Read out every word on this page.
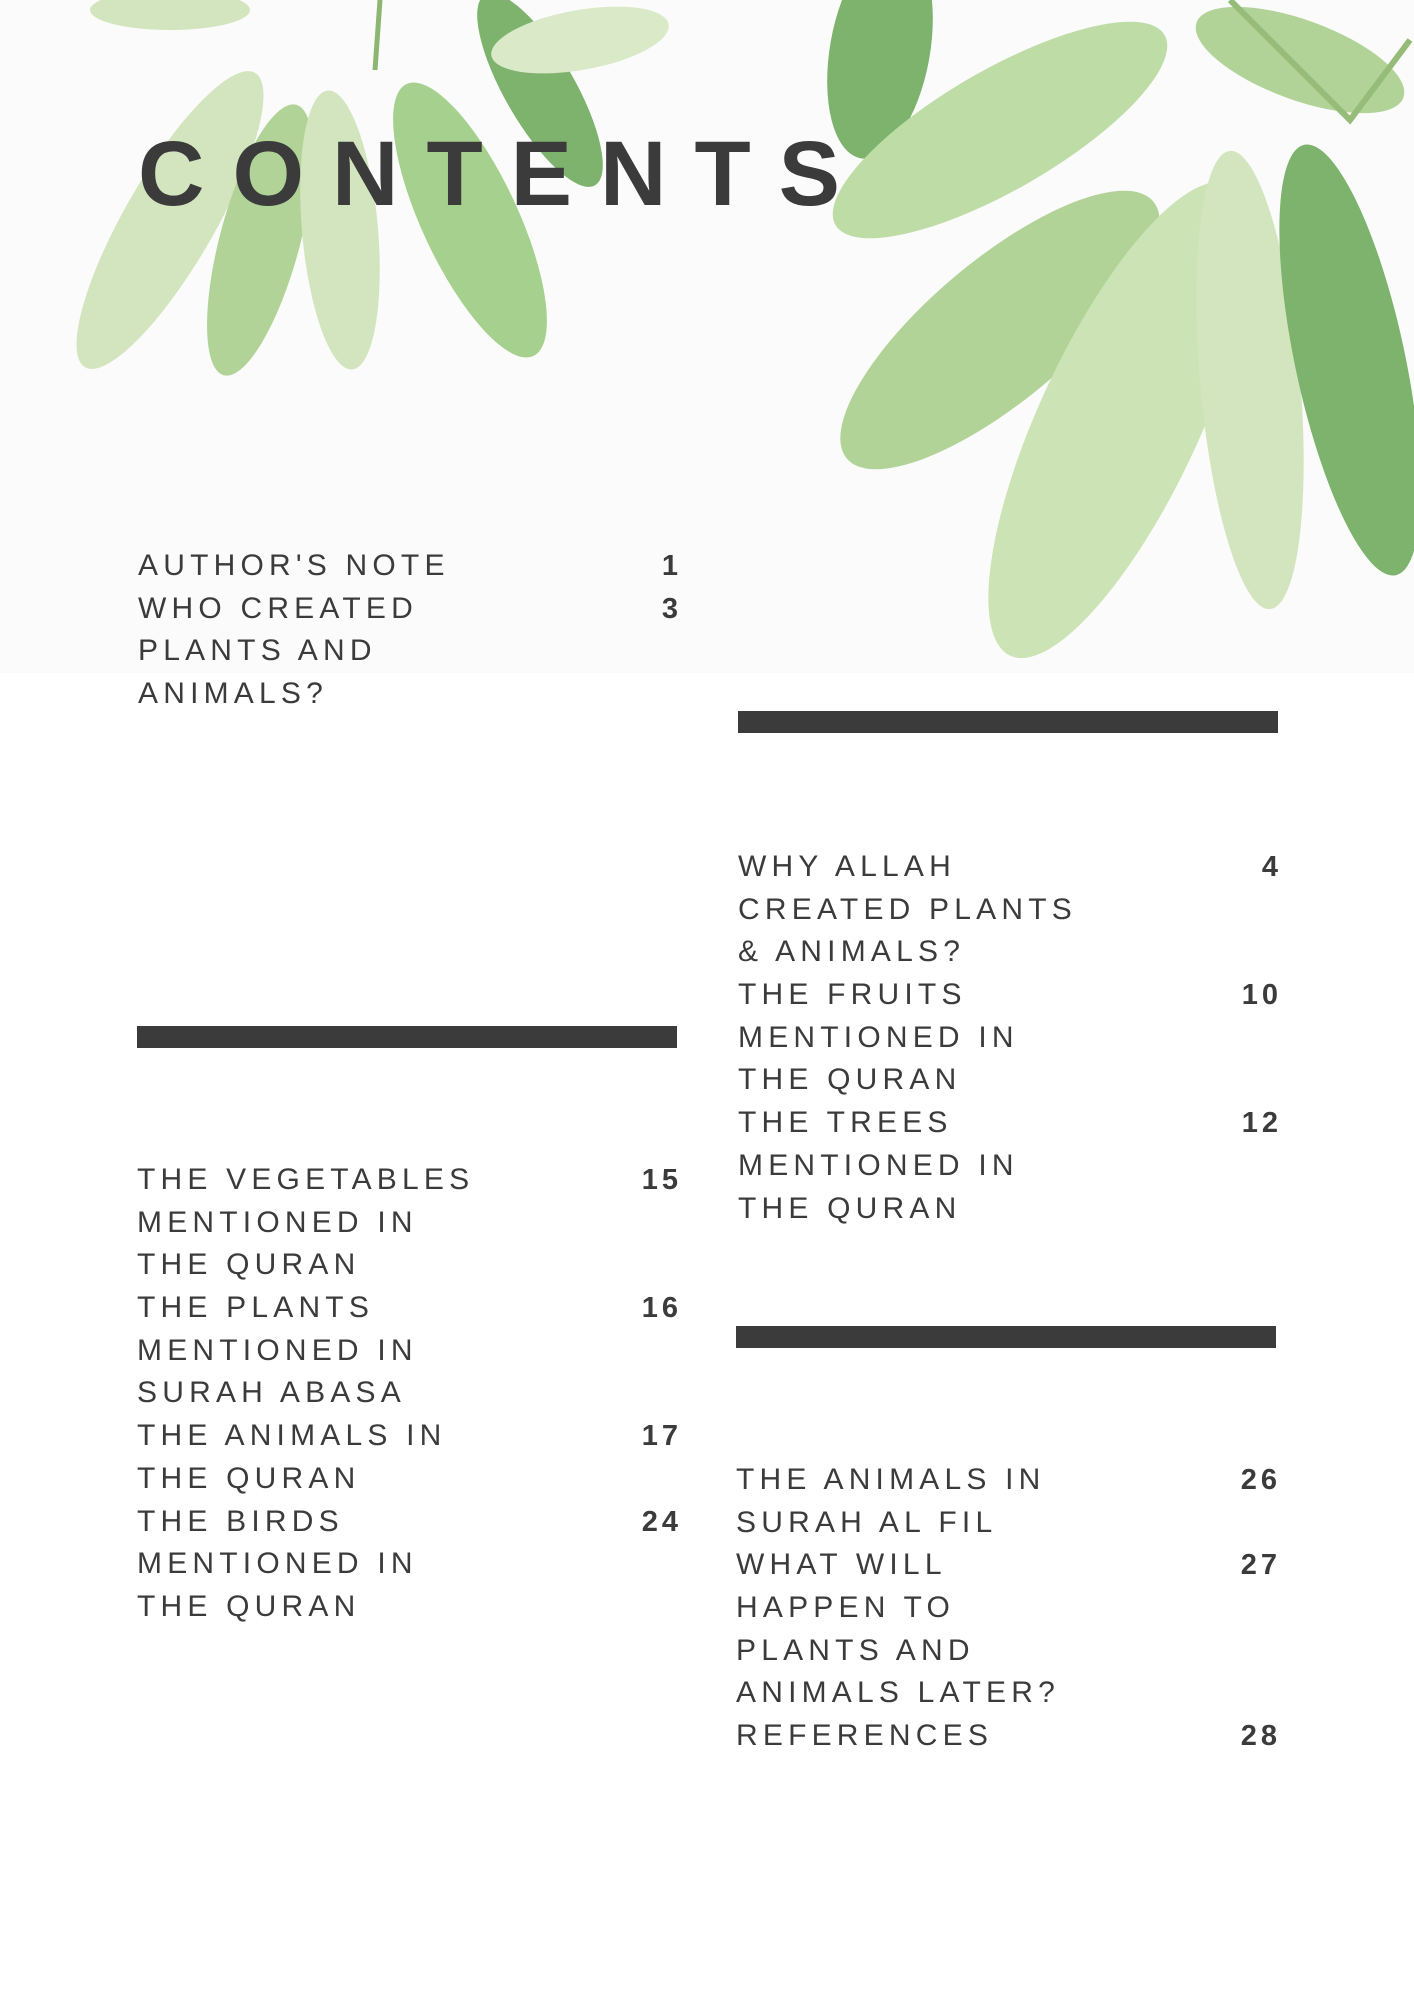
CONTENTS
AUTHOR'S NOTE	1
WHO CREATED
PLANTS AND
ANIMALS?
3
WHY ALLAH
CREATED PLANTS
& ANIMALS?
4
THE FRUITS
MENTIONED IN
THE QURAN
10
THE TREES
MENTIONED IN
THE QURAN
12
THE VEGETABLES
MENTIONED IN
THE QURAN
15
THE PLANTS
MENTIONED IN
SURAH ABASA
16
THE ANIMALS IN
THE QURAN
17
THE BIRDS
MENTIONED IN
THE QURAN
24
THE ANIMALS IN
SURAH AL FIL
26
WHAT WILL
HAPPEN TO
PLANTS AND
ANIMALS LATER?
27
REFERENCES	28
